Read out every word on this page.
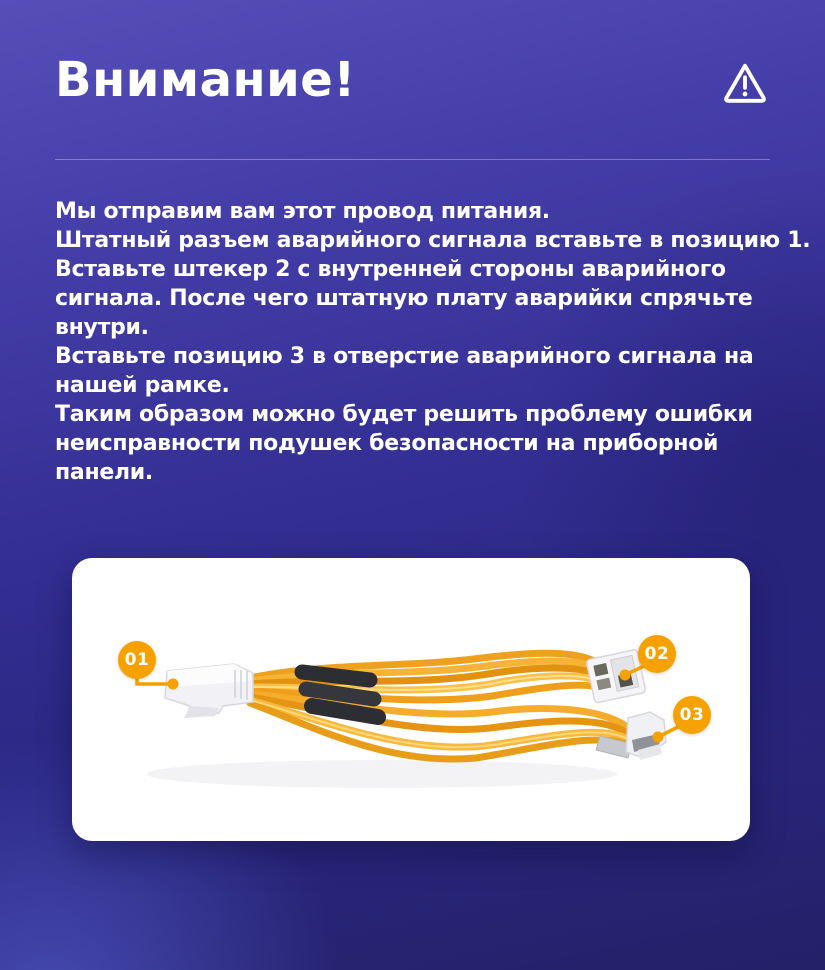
Внимание!
Мы отправим вам этот провод питания.
Штатный разъем аварийного сигнала вставьте в позицию 1.
Вставьте штекер 2 с внутренней стороны аварийного
сигнала. После чего штатную плату аварийки спрячьте
внутри.
Вставьте позицию 3 в отверстие аварийного сигнала на
нашей рамке.
Таким образом можно будет решить проблему ошибки
неисправности подушек безопасности на приборной
панели.
01	02
03
